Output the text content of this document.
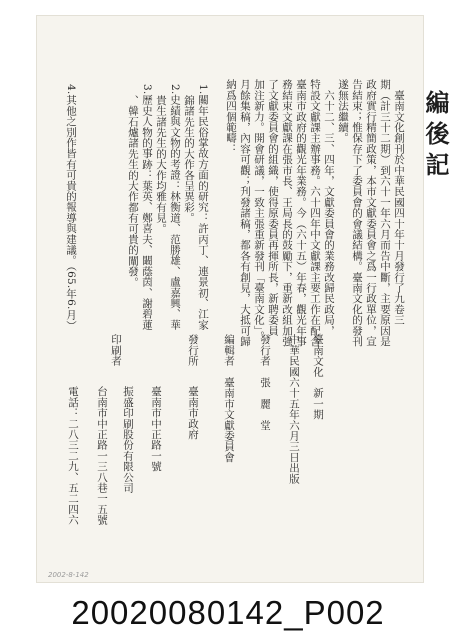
編後記
　臺南文化創刊於中華民國四十年十月發行了九卷三
期（計三十二期）到六十一年六月而告中斷，主要原因是
政府實行精簡政策，本市文獻委員會之爲一行政單位，宣
告結束；惟保存下了委員會的會議結構。臺南文化的發刊
遂無法繼續。
　六十二、三、四年，文獻委員會的業務改歸民政局，
特設文獻課主辦事務。六十四年中文獻課主要工作在配合
臺南市政府的觀光年業務。今（六十五）年春，觀光年事
務結束文獻課在張市長、王局長的鼓勵下，重新改組加強
了文獻委員會的組織，使得原委員再揮所長，新聘委員
加注新力。開會研議，一致主張重新發刊「臺南文化」。
月餘集稿，內容可觀；刋發諸稿，都各有創見，大抵可歸
納爲四個範疇：
1.關年民俗掌故方面的研究：許丙丁、連景初、江家
　錦諸先生的大作各呈異彩。
2.史績與文物的考證：林衡道、范勝雄、盧嘉興、華
　貴生諸先生的大作均雅有見。
3.歷史人物的事跡：葉英、鄭喜夫、闞蔭茵、謝碧蓮
　、韓石爐諸先生的大作都有可貴的闡發。
4.其他之別作皆有可貴的報導與建議。（65.年6.月）
臺南文化　新一期
中華民國六十五年六月三日出版
發行者　張　麗　堂
編輯者　臺南市文獻委員會
發行所
臺南市政府
臺南市中正路一號
印刷者
振盛印刷股份有限公司
台南市中正路一三八巷一五號
電話：二八三二九、五二四六
2002-8-142
20020080142_P002
